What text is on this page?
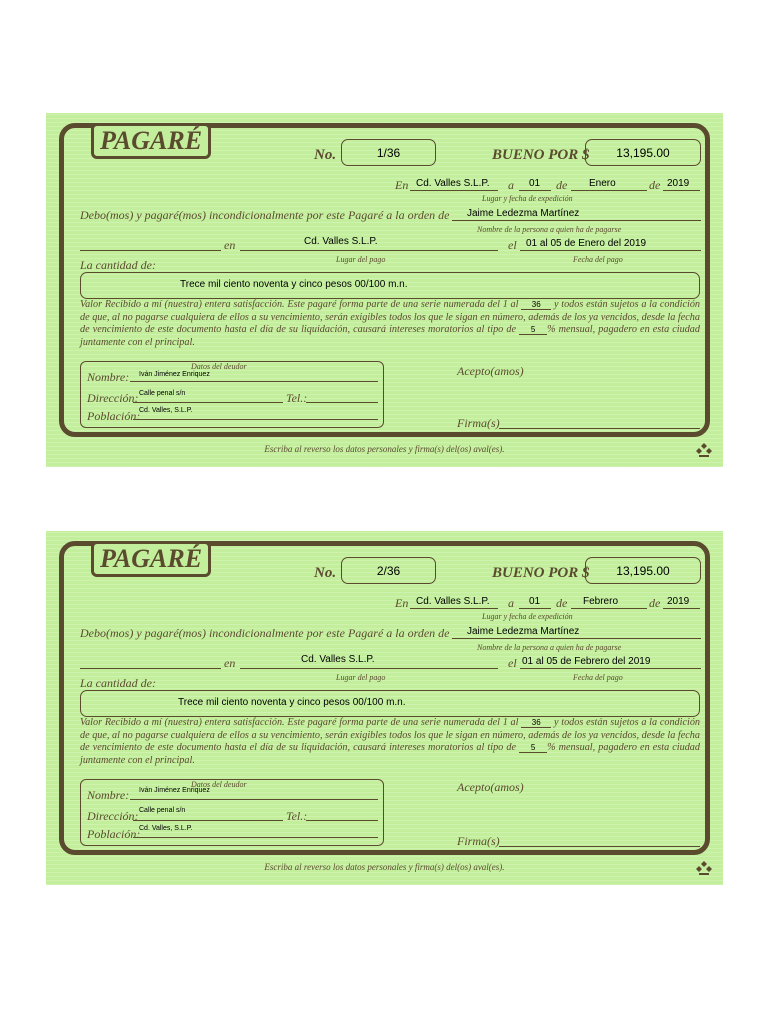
PAGARÉ	No.	1/36	BUENO POR $	13,195.00
En Cd. Valles S.L.P. a 01 de Enero	de 2019
Lugar y fecha de expedición
Debo(mos) y pagaré(mos) incondicionalmente por este Pagaré a la orden de Jaime Ledezma Martínez
Nombre de la persona a quien ha de pagarse
en	Cd. Valles S.L.P.	el 01 al 05 de Enero del 2019
Lugar del pago	Fecha del pago
La cantidad de:
Trece mil ciento noventa y cinco pesos 00/100 m.n.
Valor Recibido a mí (nuestra) entera satisfacción. Este pagaré forma parte de una serie numerada del 1 al 36 y todos están sujetos a la condición de que, al no pagarse cualquiera de ellos a su vencimiento, serán exigibles todos los que le sigan en número, además de los ya vencidos, desde la fecha de vencimiento de este documento hasta el día de su liquidación, causará intereses moratorios al tipo de 5 % mensual, pagadero en esta ciudad juntamente con el principal.
Datos del deudor
Nombre: Iván Jiménez Enriquez
Dirección: Calle penal s/n	Tel.:
Población:
Cd. Valles, S.L.P.
Acepto(amos)
Firma(s)
Escriba al reverso los datos personales y firma(s) del(os) aval(es).
PAGARÉ	No.	2/36	BUENO POR $	13,195.00
En Cd. Valles S.L.P. a 01 de Febrero	de 2019
Lugar y fecha de expedición
Debo(mos) y pagaré(mos) incondicionalmente por este Pagaré a la orden de Jaime Ledezma Martínez
Nombre de la persona a quien ha de pagarse
en	Cd. Valles S.L.P.	el 01 al 05 de Febrero del 2019
Lugar del pago	Fecha del pago
La cantidad de:
Trece mil ciento noventa y cinco pesos 00/100 m.n.
Valor Recibido a mí (nuestra) entera satisfacción. Este pagaré forma parte de una serie numerada del 1 al 36 y todos están sujetos a la condición de que, al no pagarse cualquiera de ellos a su vencimiento, serán exigibles todos los que le sigan en número, además de los ya vencidos, desde la fecha de vencimiento de este documento hasta el día de su liquidación, causará intereses moratorios al tipo de 5 % mensual, pagadero en esta ciudad juntamente con el principal.
Datos del deudor
Nombre: Iván Jiménez Enriquez
Dirección: Calle penal s/n	Tel.:
Población:
Cd. Valles, S.L.P.
Acepto(amos)
Firma(s)
Escriba al reverso los datos personales y firma(s) del(os) aval(es).
